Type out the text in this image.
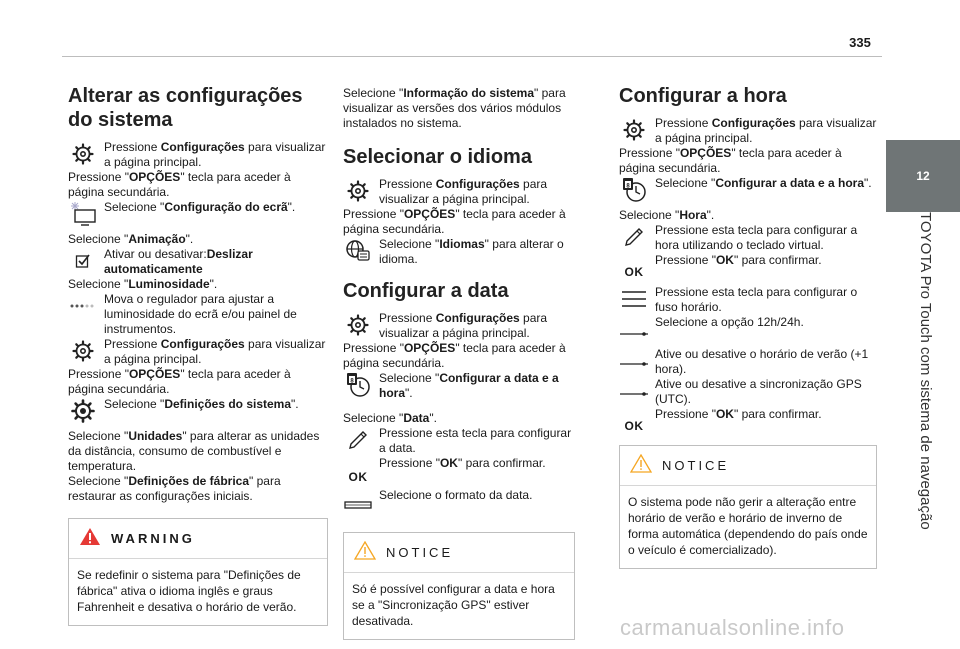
335
12
TOYOTA Pro Touch com sistema de navegação
Alterar as configurações do sistema

Pressione Configurações para visualizar a página principal.

Pressione "OPÇÕES" tecla para aceder à página secundária.

Selecione "Configuração do ecrã".

Selecione "Animação".

Ativar ou desativar:Deslizar automaticamente

Selecione "Luminosidade".

Mova o regulador para ajustar a luminosidade do ecrã e/ou painel de instrumentos.

Pressione Configurações para visualizar a página principal.

Pressione "OPÇÕES" tecla para aceder à página secundária.

Selecione "Definições do sistema".

Selecione "Unidades" para alterar as unidades da distância, consumo de combustível e temperatura.

Selecione "Definições de fábrica" para restaurar as configurações iniciais.

WARNING
Se redefinir o sistema para "Definições de fábrica" ativa o idioma inglês e graus Fahrenheit e desativa o horário de verão.

Selecione "Informação do sistema" para visualizar as versões dos vários módulos instalados no sistema.

Selecionar o idioma

Pressione Configurações para visualizar a página principal.

Pressione "OPÇÕES" tecla para aceder à página secundária.

Selecione "Idiomas" para alterar o idioma.

Configurar a data

Pressione Configurações para visualizar a página principal.

Pressione "OPÇÕES" tecla para aceder à página secundária.

8 Selecione "Configurar a data e a hora".

Selecione "Data".

Pressione esta tecla para configurar a data.

OK

Pressione "OK" para confirmar.

Selecione o formato da data.

NOTICE
Só é possível configurar a data e hora se a "Sincronização GPS" estiver desativada.
Configurar a hora

Pressione Configurações para visualizar a página principal.

Pressione "OPÇÕES" tecla para aceder à página secundária.

8 Selecione "Configurar a data e a hora".

Selecione "Hora".

Pressione esta tecla para configurar a hora utilizando o teclado virtual.

OK

Pressione "OK" para confirmar.

Pressione esta tecla para configurar o fuso horário.

Selecione a opção 12h/24h.

Ative ou desative o horário de verão (+1 hora).

Ative ou desative a sincronização GPS (UTC).

OK

Pressione "OK" para confirmar.

NOTICE
O sistema pode não gerir a alteração entre horário de verão e horário de inverno de forma automática (dependendo do país onde o veículo é comercializado).
carmanualsonline.info
